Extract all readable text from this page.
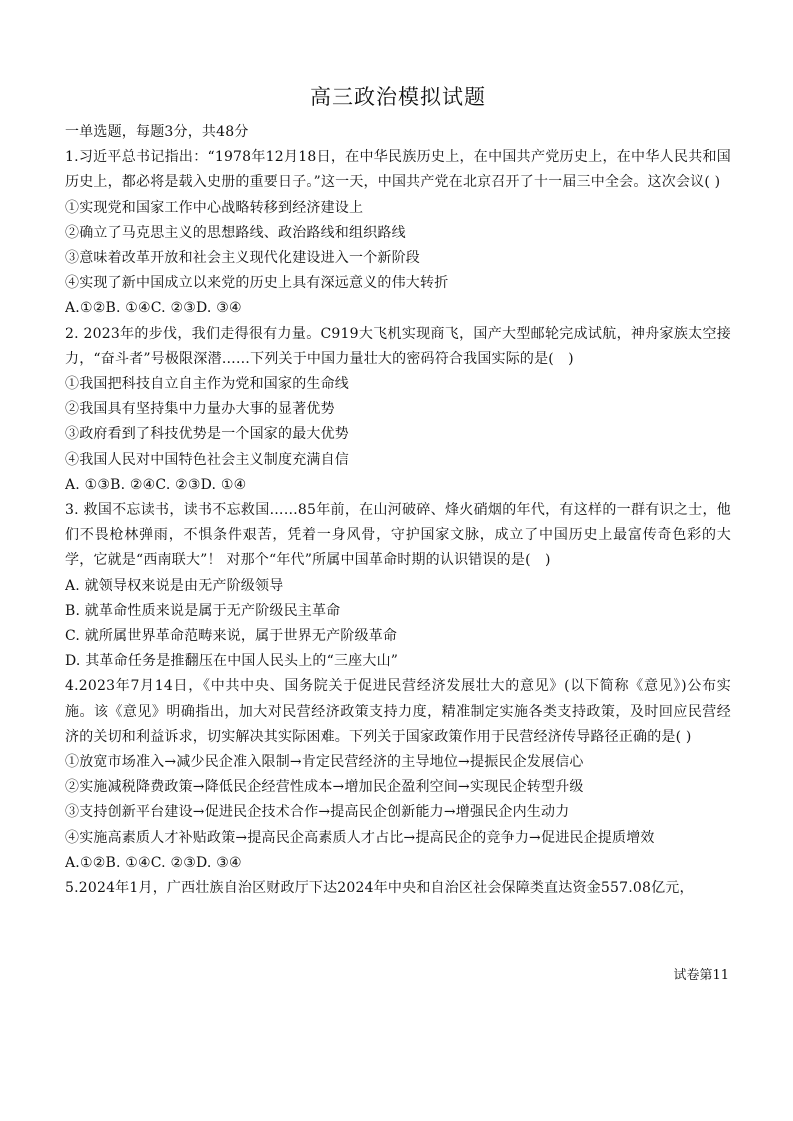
高三政治模拟试题
一单选题，每题3分，共48分
1.习近平总书记指出：“1978年12月18日，在中华民族历史上，在中国共产党历史上，在中华人民共和国历史上，都必将是载入史册的重要日子。”这一天，中国共产党在北京召开了十一届三中全会。这次会议( )
①实现党和国家工作中心战略转移到经济建设上
②确立了马克思主义的思想路线、政治路线和组织路线
③意味着改革开放和社会主义现代化建设进入一个新阶段
④实现了新中国成立以来党的历史上具有深远意义的伟大转折
A.①②B. ①④C. ②③D. ③④
2. 2023年的步伐，我们走得很有力量。C919大飞机实现商飞，国产大型邮轮完成试航，神舟家族太空接力，“奋斗者”号极限深潜……下列关于中国力量壮大的密码符合我国实际的是(　)
①我国把科技自立自主作为党和国家的生命线
②我国具有坚持集中力量办大事的显著优势
③政府看到了科技优势是一个国家的最大优势
④我国人民对中国特色社会主义制度充满自信
A. ①③B. ②④C. ②③D. ①④
3. 救国不忘读书，读书不忘救国……85年前，在山河破碎、烽火硝烟的年代，有这样的一群有识之士，他们不畏枪林弹雨，不惧条件艰苦，凭着一身风骨，守护国家文脉，成立了中国历史上最富传奇色彩的大学，它就是“西南联大”！ 对那个“年代”所属中国革命时期的认识错误的是(　)
A. 就领导权来说是由无产阶级领导
B. 就革命性质来说是属于无产阶级民主革命
C. 就所属世界革命范畴来说，属于世界无产阶级革命
D. 其革命任务是推翻压在中国人民头上的“三座大山”
4.2023年7月14日，《中共中央、国务院关于促进民营经济发展壮大的意见》(以下简称《意见》)公布实施。该《意见》明确指出，加大对民营经济政策支持力度，精准制定实施各类支持政策，及时回应民营经济的关切和利益诉求，切实解决其实际困难。下列关于国家政策作用于民营经济传导路径正确的是( )
①放宽市场准入→减少民企准入限制→肯定民营经济的主导地位→提振民企发展信心
②实施减税降费政策→降低民企经营性成本→增加民企盈利空间→实现民企转型升级
③支持创新平台建设→促进民企技术合作→提高民企创新能力→增强民企内生动力
④实施高素质人才补贴政策→提高民企高素质人才占比→提高民企的竞争力→促进民企提质增效
A.①②B. ①④C. ②③D. ③④
5.2024年1月，广西壮族自治区财政厅下达2024年中央和自治区社会保障类直达资金557.08亿元，
试卷第11
